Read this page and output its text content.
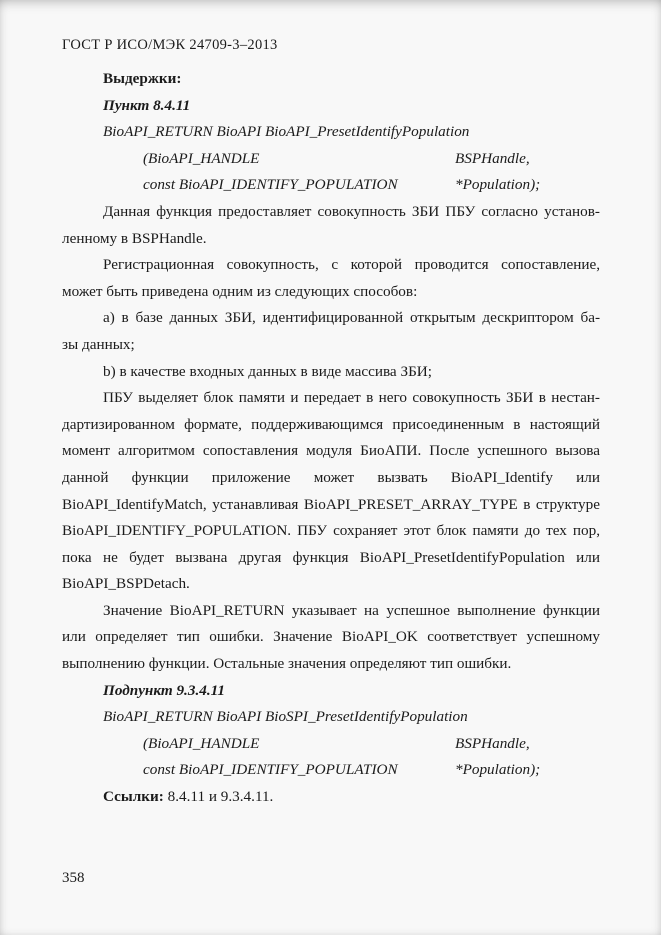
ГОСТ Р ИСО/МЭК 24709-3–2013
Выдержки:
Пункт 8.4.11
BioAPI_RETURN BioAPI BioAPI_PresetIdentifyPopulation
(BioAPI_HANDLE	BSPHandle,
const BioAPI_IDENTIFY_POPULATION	*Population);
Данная функция предоставляет совокупность ЗБИ ПБУ согласно установ-
ленному в BSPHandle.
Регистрационная совокупность, с которой проводится сопоставление,
может быть приведена одним из следующих способов:
a) в базе данных ЗБИ, идентифицированной открытым дескриптором ба-
зы данных;
b) в качестве входных данных в виде массива ЗБИ;
ПБУ выделяет блок памяти и передает в него совокупность ЗБИ в нестан-
дартизированном формате, поддерживающимся присоединенным в настоящий
момент алгоритмом сопоставления модуля БиоАПИ. После успешного вызова
данной функции приложение может вызвать BioAPI_Identify или
BioAPI_IdentifyMatch, устанавливая BioAPI_PRESET_ARRAY_TYPE в структуре
BioAPI_IDENTIFY_POPULATION. ПБУ сохраняет этот блок памяти до тех пор,
пока не будет вызвана другая функция BioAPI_PresetIdentifyPopulation или
BioAPI_BSPDetach.
Значение BioAPI_RETURN указывает на успешное выполнение функции
или определяет тип ошибки. Значение BioAPI_OK соответствует успешному
выполнению функции. Остальные значения определяют тип ошибки.
Подпункт 9.3.4.11
BioAPI_RETURN BioAPI BioSPI_PresetIdentifyPopulation
(BioAPI_HANDLE	BSPHandle,
const BioAPI_IDENTIFY_POPULATION	*Population);
Ссылки: 8.4.11 и 9.3.4.11.
358
